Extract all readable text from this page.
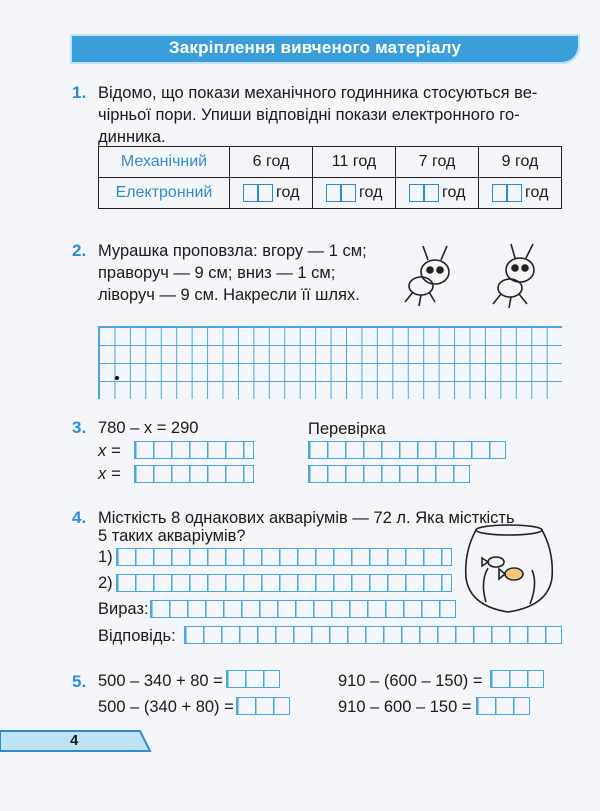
Закріплення вивченого матеріалу
1. Відомо, що покази механічного годинника стосуються ве-
чірньої пори. Упиши відповідні покази електронного го-
динника.
Механічний	6 год	11 год	7 год	9 год
Електронний	год	год	год	год
2. Мурашка проповзла: вгору — 1 см;
праворуч — 9 см; вниз — 1 см;
ліворуч — 9 см. Накресли її шлях.
3. 780 – x = 290
x =
x =
Перевірка
4. Місткість 8 однакових акваріумів — 72 л. Яка місткість
5 таких акваріумів?
1)
2)
Вираз:
Відповідь:
5. 500 – 340 + 80 =
500 – (340 + 80) =
910 – (600 – 150) =
910 – 600 – 150 =
4
